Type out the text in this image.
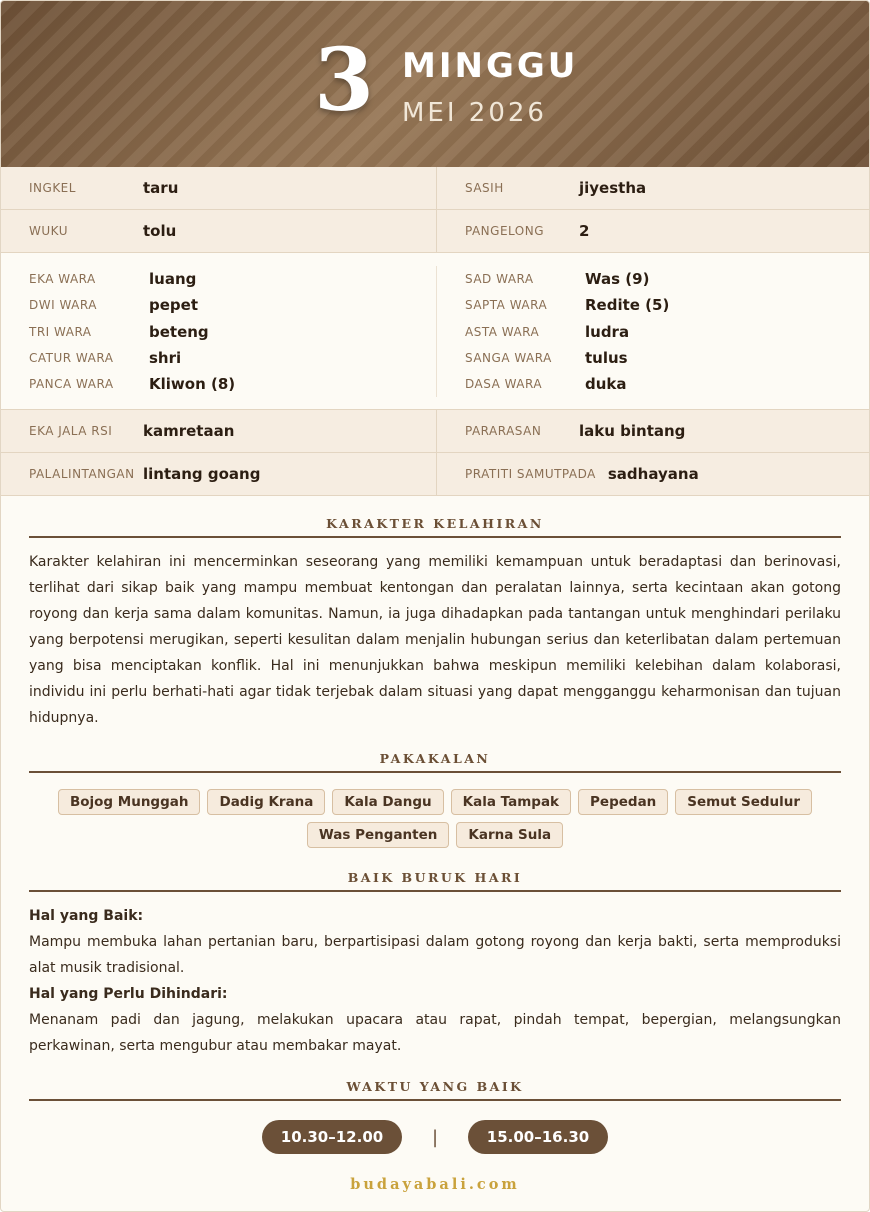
3 MINGGU
MEI 2026
INGKEL	taru	SASIH	jiyestha
WUKU	tolu	PANGELONG	2
EKA WARA	luang
DWI WARA	pepet
TRI WARA	beteng
CATUR WARA	shri
PANCA WARA	Kliwon (8)
SAD WARA	Was (9)
SAPTA WARA	Redite (5)
ASTA WARA	ludra
SANGA WARA	tulus
DASA WARA	duka
EKA JALA RSI	kamretaan	PARARASAN	laku bintang
PALALINTANGAN lintang goang	PRATITI SAMUTPADA sadhayana
KARAKTER KELAHIRAN

Karakter kelahiran ini mencerminkan seseorang yang memiliki kemampuan untuk beradaptasi dan berinovasi, terlihat dari sikap baik yang mampu membuat kentongan dan peralatan lainnya, serta kecintaan akan gotong royong dan kerja sama dalam komunitas. Namun, ia juga dihadapkan pada tantangan untuk menghindari perilaku yang berpotensi merugikan, seperti kesulitan dalam menjalin hubungan serius dan keterlibatan dalam pertemuan yang bisa menciptakan konflik. Hal ini menunjukkan bahwa meskipun memiliki kelebihan dalam kolaborasi, individu ini perlu berhati-hati agar tidak terjebak dalam situasi yang dapat mengganggu keharmonisan dan tujuan hidupnya.

PAKAKALAN
Bojog Munggah	Dadig Krana	Kala Dangu	Kala Tampak	Pepedan	Semut Sedulur
Was Penganten	Karna Sula
BAIK BURUK HARI
Hal yang Baik:

Mampu membuka lahan pertanian baru, berpartisipasi dalam gotong royong dan kerja bakti, serta memproduksi alat musik tradisional.

Hal yang Perlu Dihindari:

Menanam padi dan jagung, melakukan upacara atau rapat, pindah tempat, bepergian, melangsungkan perkawinan, serta mengubur atau membakar mayat.

WAKTU YANG BAIK
10.30–12.00	|	15.00–16.30
budayabali.com
